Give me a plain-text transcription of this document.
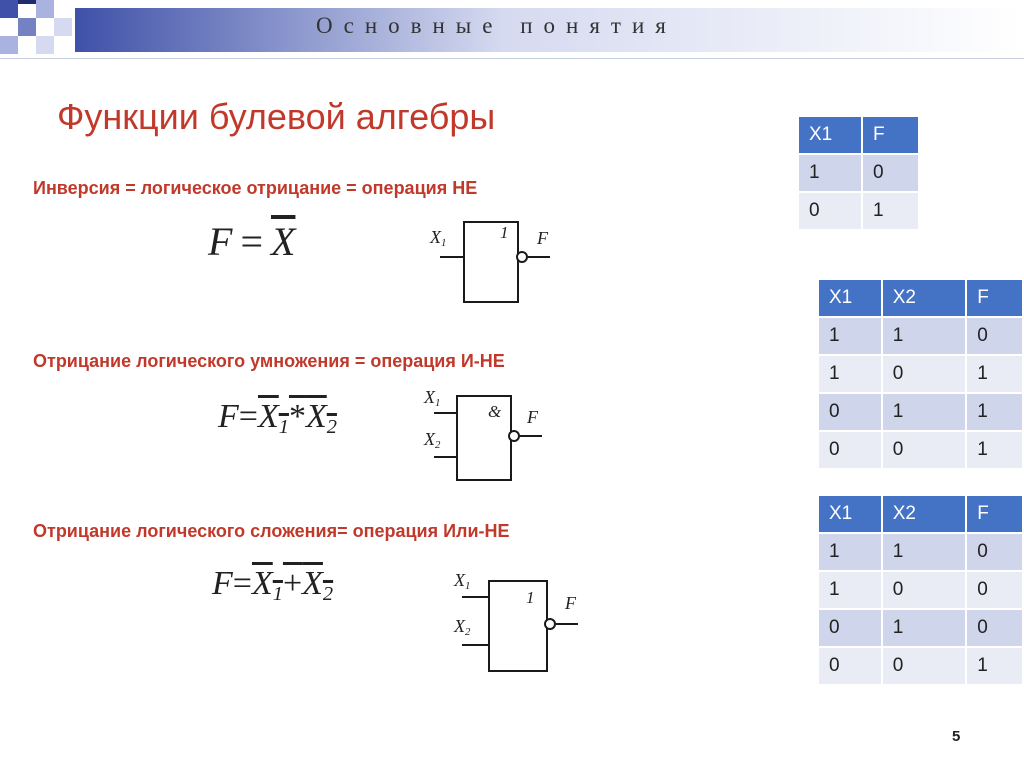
Основные понятия
Функции булевой алгебры
Инверсия = логическое отрицание = операция НЕ
$F = \overline{X}$	$X_1$
1 F
X1	F
1	0
0	1
Отрицание логического умножения = операция И-НЕ
$F=X_1*X_2$
$X_1$
$X_2$
& F
X1	X2	F
1	1	0
1	0	1
0	1	1
0	0	1
Отрицание логического сложения= операция Или-НЕ
$F=X_1+X_2$
$X_1$
$X_2$
1 F
X1	X2	F
1	1	0
1	0	0
0	1	0
0	0	1
5
